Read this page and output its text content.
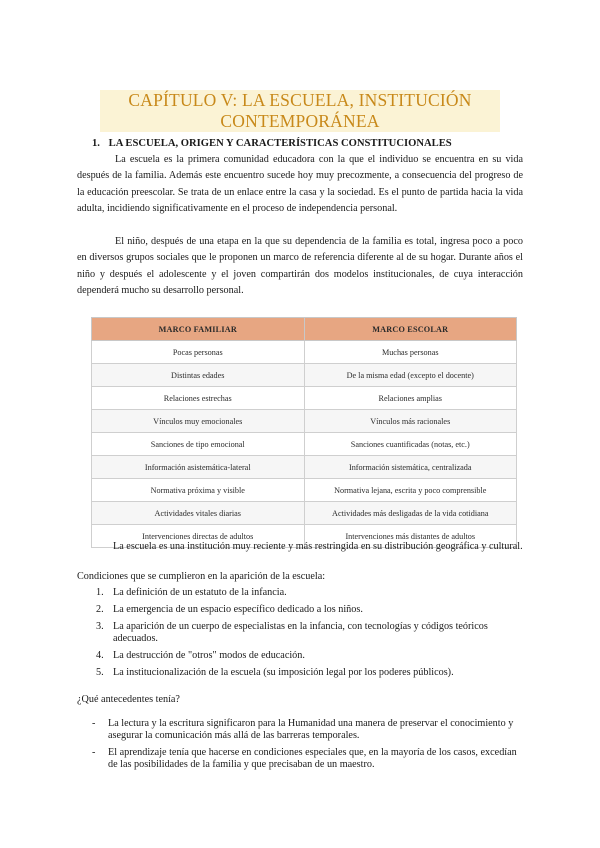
CAPÍTULO V: LA ESCUELA, INSTITUCIÓN
CONTEMPORÁNEA
1. LA ESCUELA, ORIGEN Y CARACTERÍSTICAS CONSTITUCIONALES

La escuela es la primera comunidad educadora con la que el individuo se encuentra en su vida después de la familia. Además este encuentro sucede hoy muy precozmente, a consecuencia del progreso de la educación preescolar. Se trata de un enlace entre la casa y la sociedad. Es el punto de partida hacia la vida adulta, incidiendo significativamente en el proceso de independencia personal.

El niño, después de una etapa en la que su dependencia de la familia es total, ingresa poco a poco en diversos grupos sociales que le proponen un marco de referencia diferente al de su hogar. Durante años el niño y después el adolescente y el joven compartirán dos modelos institucionales, de cuya interacción dependerá mucho su desarrollo personal.

MARCO FAMILIAR	MARCO ESCOLAR
Pocas personas	Muchas personas
Distintas edades	De la misma edad (excepto el docente)
Relaciones estrechas	Relaciones amplias
Vínculos muy emocionales	Vínculos más racionales
Sanciones de tipo emocional	Sanciones cuantificadas (notas, etc.)
Información asistemática-lateral	Información sistemática, centralizada
Normativa próxima y visible	Normativa lejana, escrita y poco comprensible
Actividades vitales diarias	Actividades más desligadas de la vida cotidiana
Intervenciones directas de adultos	Intervenciones más distantes de adultos

La escuela es una institución muy reciente y más restringida en su distribución geográfica y cultural.

Condiciones que se cumplieron en la aparición de la escuela:
1. La definición de un estatuto de la infancia.
2. La emergencia de un espacio específico dedicado a los niños.
3. La aparición de un cuerpo de especialistas en la infancia, con tecnologías y códigos teóricos adecuados.
4. La destrucción de "otros" modos de educación.
5. La institucionalización de la escuela (su imposición legal por los poderes públicos).
¿Qué antecedentes tenía?
-	La lectura y la escritura significaron para la Humanidad una manera de preservar el conocimiento y asegurar la comunicación más allá de las barreras temporales.
-	El aprendizaje tenía que hacerse en condiciones especiales que, en la mayoría de los casos, excedían de las posibilidades de la familia y que precisaban de un maestro.
